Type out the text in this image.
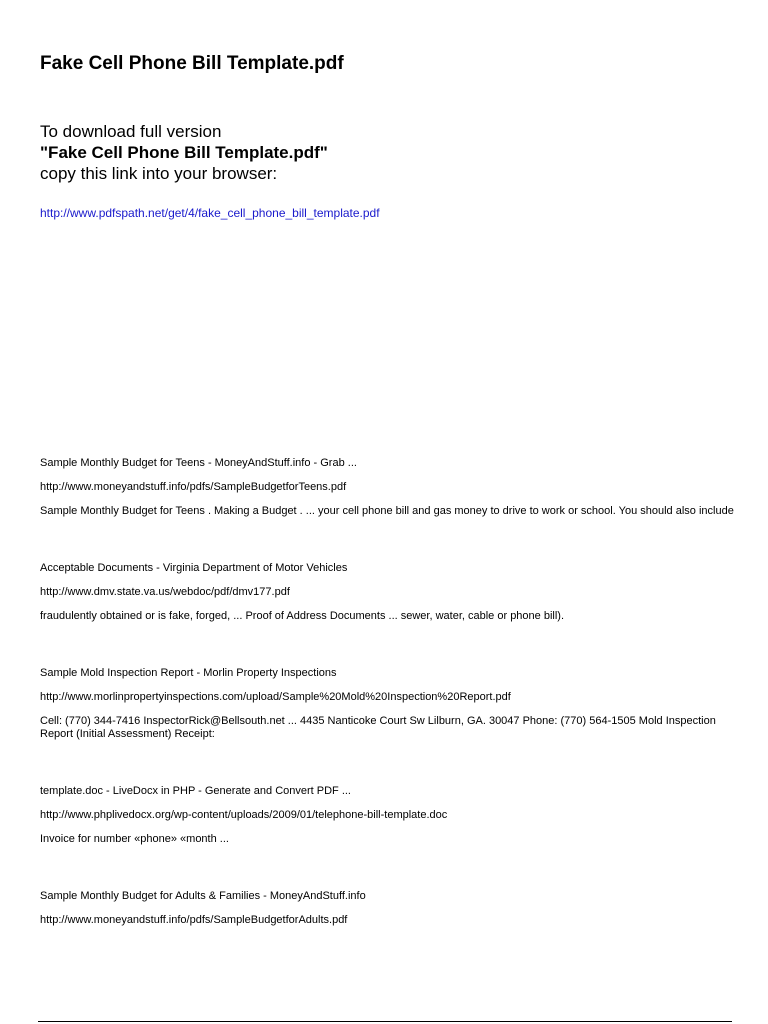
Fake Cell Phone Bill Template.pdf
To download full version
"Fake Cell Phone Bill Template.pdf"
copy this link into your browser:
http://www.pdfspath.net/get/4/fake_cell_phone_bill_template.pdf

Sample Monthly Budget for Teens - MoneyAndStuff.info - Grab ...

http://www.moneyandstuff.info/pdfs/SampleBudgetforTeens.pdf

Sample Monthly Budget for Teens . Making a Budget . ... your cell phone bill and gas money to drive to work or school. You should also include

Acceptable Documents - Virginia Department of Motor Vehicles

http://www.dmv.state.va.us/webdoc/pdf/dmv177.pdf

fraudulently obtained or is fake, forged, ... Proof of Address Documents ... sewer, water, cable or phone bill).

Sample Mold Inspection Report - Morlin Property Inspections

http://www.morlinpropertyinspections.com/upload/Sample%20Mold%20Inspection%20Report.pdf

Cell: (770) 344-7416 InspectorRick@Bellsouth.net ... 4435 Nanticoke Court Sw Lilburn, GA. 30047 Phone: (770) 564-1505 Mold Inspection Report (Initial Assessment) Receipt:

template.doc - LiveDocx in PHP - Generate and Convert PDF ...

http://www.phplivedocx.org/wp-content/uploads/2009/01/telephone-bill-template.doc

Invoice for number «phone» «month ...

Sample Monthly Budget for Adults & Families - MoneyAndStuff.info

http://www.moneyandstuff.info/pdfs/SampleBudgetforAdults.pdf
